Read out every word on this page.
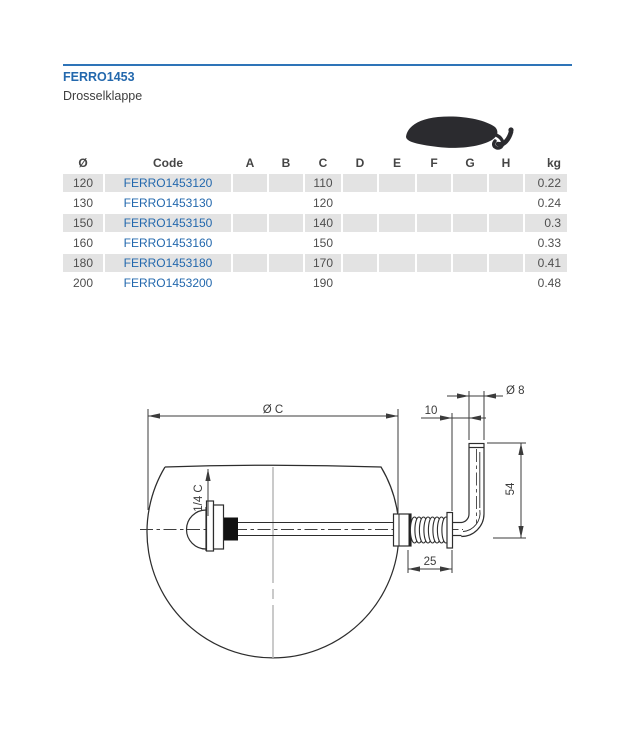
FERRO1453
Drosselklappe
Ø	Code	A	B	C	D	E	F	G	H	kg
120	FERRO1453120			110						0.22
130	FERRO1453130			120						0.24
150	FERRO1453150			140						0.3
160	FERRO1453160			150						0.33
180	FERRO1453180			170						0.41
200	FERRO1453200			190						0.48
Ø C
Ø 8
10
54
25
1/4 C
